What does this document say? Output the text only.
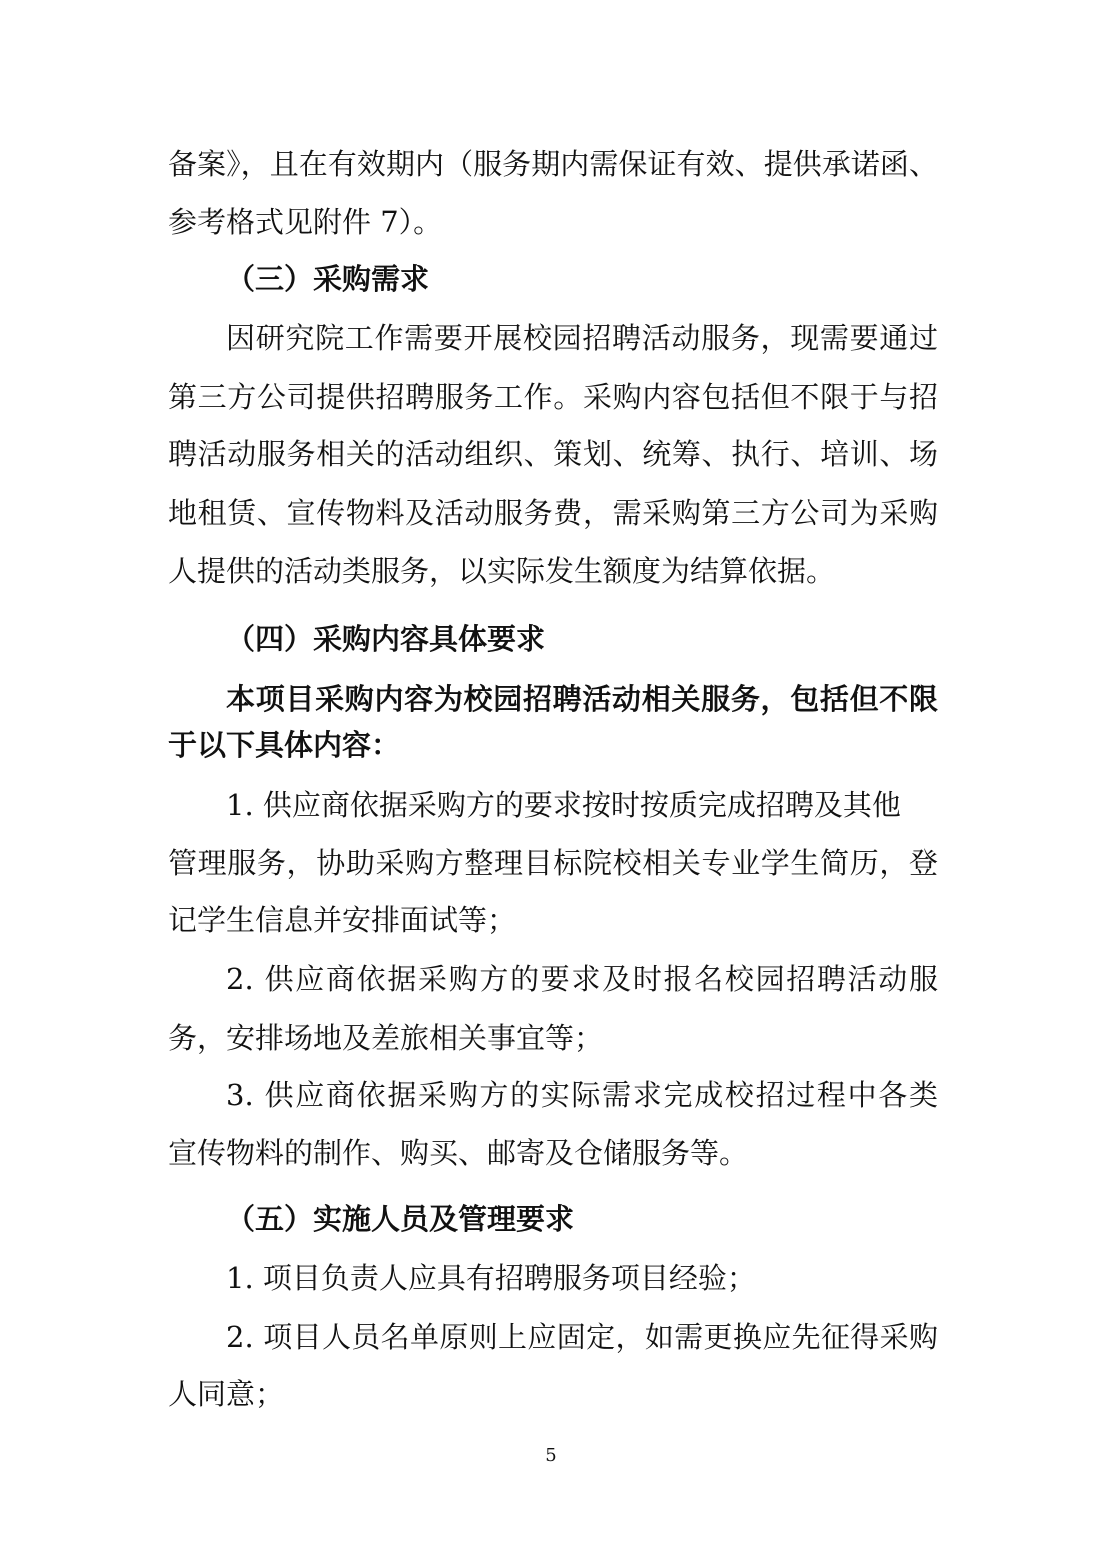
备案》，且在有效期内（服务期内需保证有效、提供承诺函、
参考格式见附件 7）。
（三）采购需求
因研究院工作需要开展校园招聘活动服务，现需要通过
第三方公司提供招聘服务工作。采购内容包括但不限于与招
聘活动服务相关的活动组织、策划、统筹、执行、培训、场
地租赁、宣传物料及活动服务费，需采购第三方公司为采购
人提供的活动类服务，以实际发生额度为结算依据。
（四）采购内容具体要求
本项目采购内容为校园招聘活动相关服务，包括但不限
于以下具体内容：
1. 供应商依据采购方的要求按时按质完成招聘及其他
管理服务，协助采购方整理目标院校相关专业学生简历，登
记学生信息并安排面试等；
2. 供应商依据采购方的要求及时报名校园招聘活动服
务，安排场地及差旅相关事宜等；
3. 供应商依据采购方的实际需求完成校招过程中各类
宣传物料的制作、购买、邮寄及仓储服务等。
（五）实施人员及管理要求
1. 项目负责人应具有招聘服务项目经验；
2. 项目人员名单原则上应固定，如需更换应先征得采购
人同意；
5
